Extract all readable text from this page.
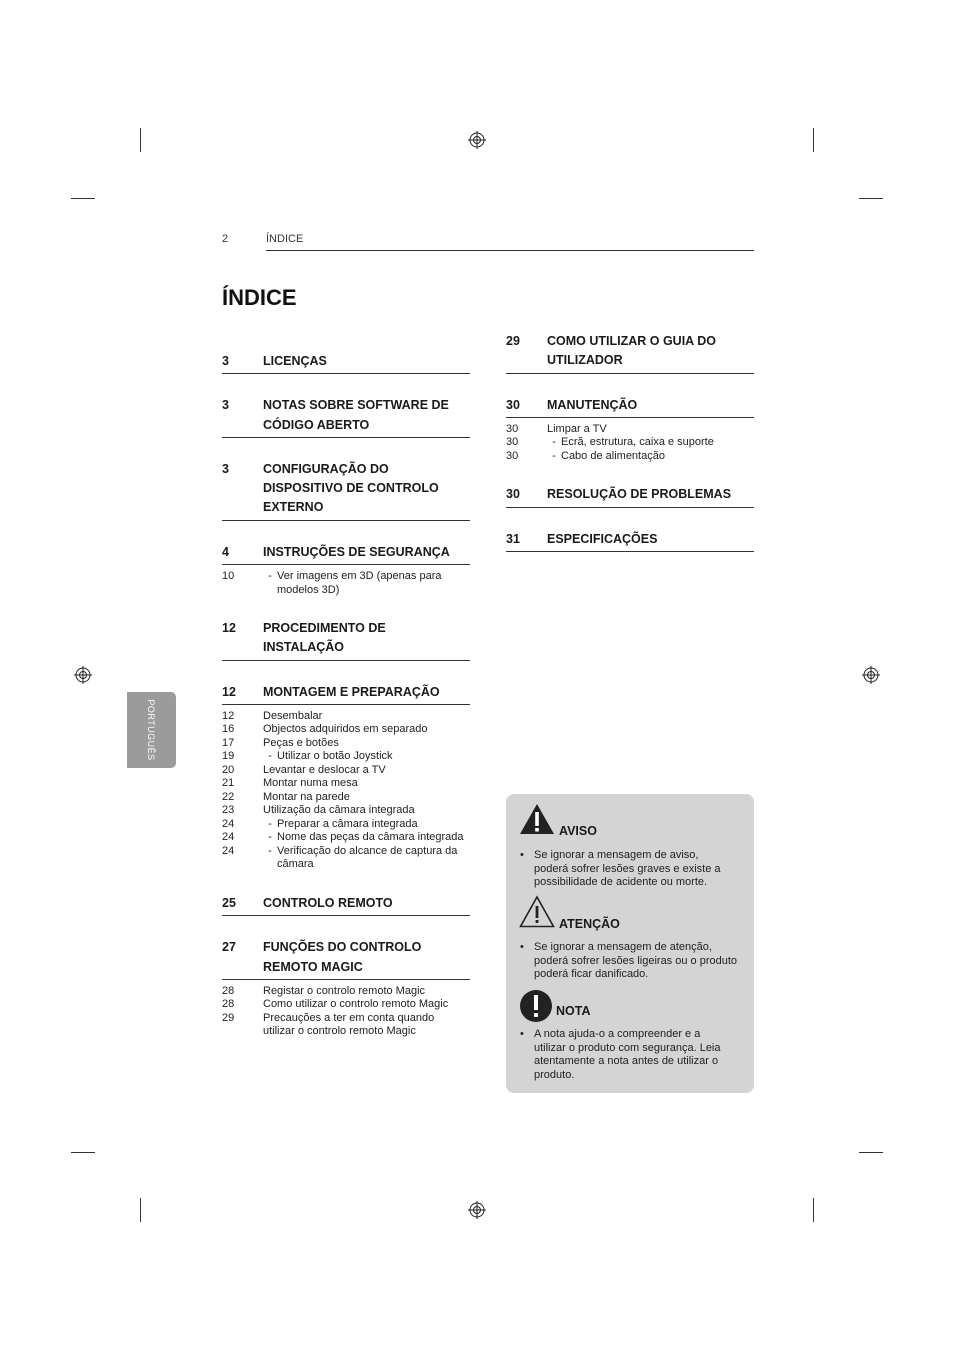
2	ÍNDICE
ÍNDICE
PORTUGUÊS
3	LICENÇAS
3	NOTAS SOBRE SOFTWARE DE
CÓDIGO ABERTO
3	CONFIGURAÇÃO DO
DISPOSITIVO DE CONTROLO
EXTERNO
4	INSTRUÇÕES DE SEGURANÇA
10	- Ver imagens em 3D (apenas para
modelos 3D)
12 PROCEDIMENTO DE
INSTALAÇÃO
12 MONTAGEM E PREPARAÇÃO
12	Desembalar
16	Objectos adquiridos em separado
17	Peças e botões
19	- Utilizar o botão Joystick
20	Levantar e deslocar a TV
21	Montar numa mesa
22	Montar na parede
23	Utilização da câmara integrada
24	- Preparar a câmara integrada
24	- Nome das peças da câmara integrada
24	- Verificação do alcance de captura da
câmara
25 CONTROLO REMOTO
27 FUNÇÕES DO CONTROLO
REMOTO MAGIC
28	Registar o controlo remoto Magic
28	Como utilizar o controlo remoto Magic
29	Precauções a ter em conta quando
utilizar o controlo remoto Magic
29 COMO UTILIZAR O GUIA DO
UTILIZADOR
30 MANUTENÇÃO
30	Limpar a TV
30	- Ecrã, estrutura, caixa e suporte
30	- Cabo de alimentação
30 RESOLUÇÃO DE PROBLEMAS
31 ESPECIFICAÇÕES
AVISO
• Se ignorar a mensagem de aviso,
poderá sofrer lesões graves e existe a
possibilidade de acidente ou morte.
ATENÇÃO
• Se ignorar a mensagem de atenção,
poderá sofrer lesões ligeiras ou o produto
poderá ficar danificado.
NOTA
• A nota ajuda-o a compreender e a
utilizar o produto com segurança. Leia
atentamente a nota antes de utilizar o
produto.
